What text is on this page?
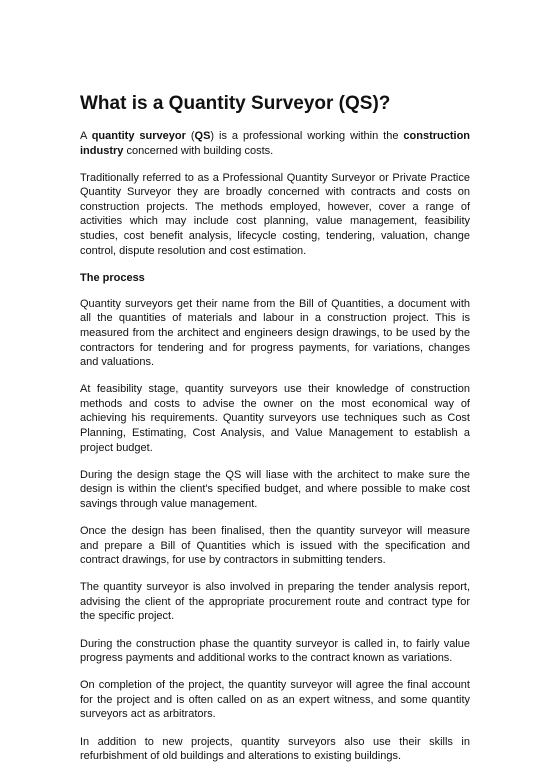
What is a Quantity Surveyor (QS)?

A quantity surveyor (QS) is a professional working within the construction industry concerned with building costs.

Traditionally referred to as a Professional Quantity Surveyor or Private Practice Quantity Surveyor they are broadly concerned with contracts and costs on construction projects. The methods employed, however, cover a range of activities which may include cost planning, value management, feasibility studies, cost benefit analysis, lifecycle costing, tendering, valuation, change control, dispute resolution and cost estimation.

The process

Quantity surveyors get their name from the Bill of Quantities, a document with all the quantities of materials and labour in a construction project. This is measured from the architect and engineers design drawings, to be used by the contractors for tendering and for progress payments, for variations, changes and valuations.

At feasibility stage, quantity surveyors use their knowledge of construction methods and costs to advise the owner on the most economical way of achieving his requirements. Quantity surveyors use techniques such as Cost Planning, Estimating, Cost Analysis, and Value Management to establish a project budget.

During the design stage the QS will liase with the architect to make sure the design is within the client's specified budget, and where possible to make cost savings through value management.

Once the design has been finalised, then the quantity surveyor will measure and prepare a Bill of Quantities which is issued with the specification and contract drawings, for use by contractors in submitting tenders.

The quantity surveyor is also involved in preparing the tender analysis report, advising the client of the appropriate procurement route and contract type for the specific project.

During the construction phase the quantity surveyor is called in, to fairly value progress payments and additional works to the contract known as variations.

On completion of the project, the quantity surveyor will agree the final account for the project and is often called on as an expert witness, and some quantity surveyors act as arbitrators.

In addition to new projects, quantity surveyors also use their skills in refurbishment of old buildings and alterations to existing buildings.
